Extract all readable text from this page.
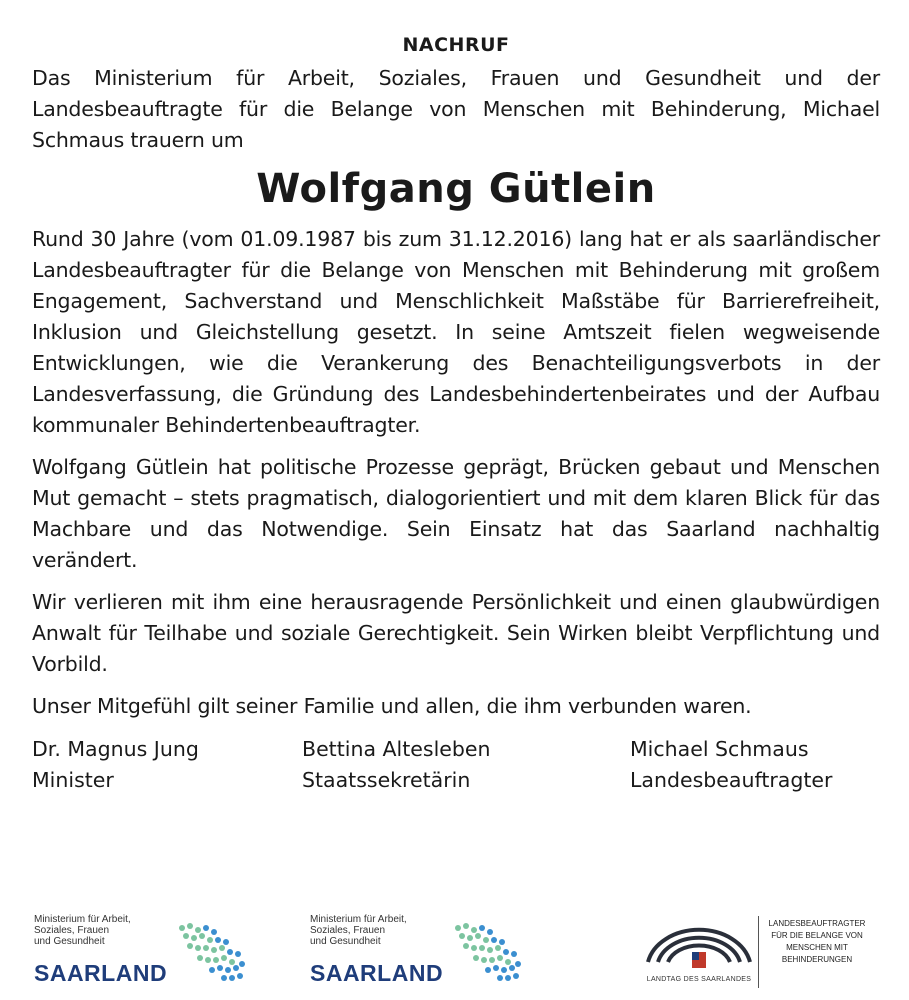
NACHRUF
Das Ministerium für Arbeit, Soziales, Frauen und Gesundheit und der Landesbeauftragte für die Belange von Menschen mit Behinderung, Michael Schmaus trauern um
Wolfgang Gütlein

Rund 30 Jahre (vom 01.09.1987 bis zum 31.12.2016) lang hat er als saarländischer Landesbeauftragter für die Belange von Menschen mit Behinderung mit großem Engagement, Sachverstand und Menschlichkeit Maßstäbe für Barrierefreiheit, Inklusion und Gleichstellung gesetzt. In seine Amtszeit fielen wegweisende Entwicklungen, wie die Verankerung des Benachteiligungsverbots in der Landesverfassung, die Gründung des Landesbehindertenbeirates und der Aufbau kommunaler Behindertenbeauftragter.

Wolfgang Gütlein hat politische Prozesse geprägt, Brücken gebaut und Menschen Mut gemacht – stets pragmatisch, dialogorientiert und mit dem klaren Blick für das Machbare und das Notwendige. Sein Einsatz hat das Saarland nachhaltig verändert.

Wir verlieren mit ihm eine herausragende Persönlichkeit und einen glaubwürdigen Anwalt für Teilhabe und soziale Gerechtigkeit. Sein Wirken bleibt Verpflichtung und Vorbild.

Unser Mitgefühl gilt seiner Familie und allen, die ihm verbunden waren.

Dr. Magnus Jung
Minister
Bettina Altesleben
Staatssekretärin
Michael Schmaus
Landesbeauftragter
Ministerium für Arbeit,
Soziales, Frauen
und Gesundheit
SAARLAND
Ministerium für Arbeit,
Soziales, Frauen
und Gesundheit
SAARLAND	LANDTAG DES SAARLANDES
LANDESBEAUFTRAGTER
FÜR DIE BELANGE VON
MENSCHEN MIT
BEHINDERUNGEN
